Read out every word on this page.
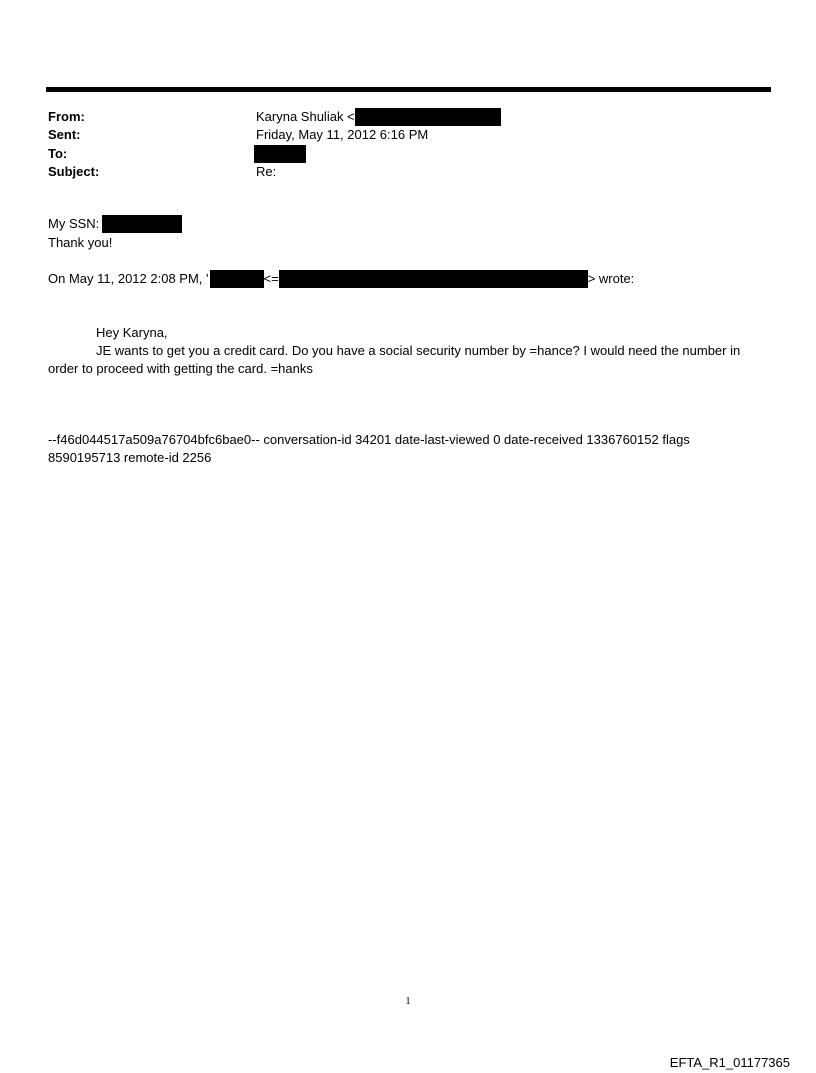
From:	Karyna Shuliak <
Sent:	Friday, May 11, 2012 6:16 PM
To:
Subject:	Re:
My SSN:
Thank you!
On May 11, 2012 2:08 PM, '	<=	> wrote:
Hey Karyna,
JE wants to get you a credit card. Do you have a social security number by =hance? I would need the number in
order to proceed with getting the card. =hanks
--f46d044517a509a76704bfc6bae0-- conversation-id 34201 date-last-viewed 0 date-received 1336760152 flags
8590195713 remote-id 2256
1
EFTA_R1_01177365
